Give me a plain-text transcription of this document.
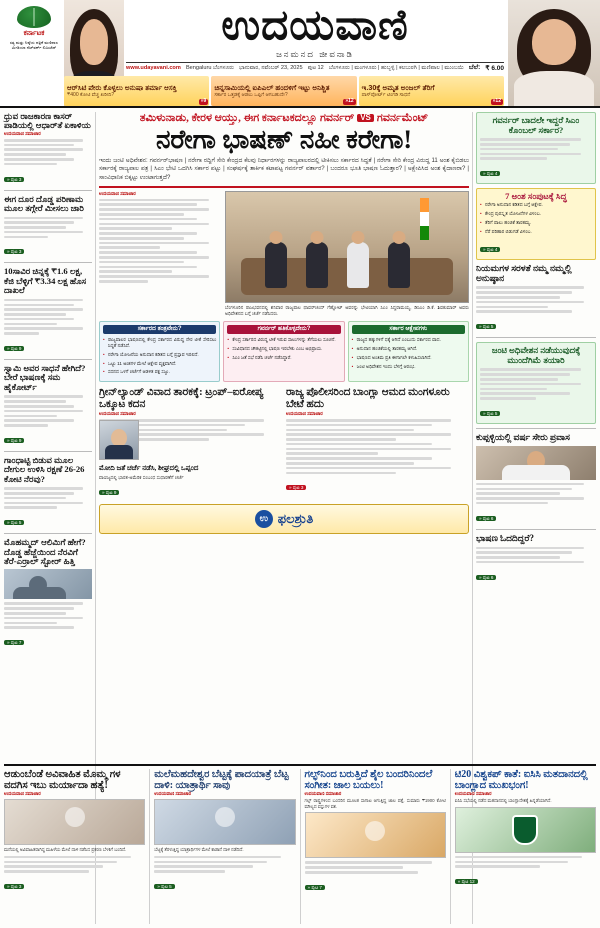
ಕರ್ನಾಟಕ
ಸತ್ಯ ಮತ್ತು ನಿಷ್ಠೆಯ ಪತ್ರಿಕೆ ಮಣಿಪಾಲ ಮೀಡಿಯಾ ನೆಟ್‌ವರ್ಕ್ ಲಿಮಿಟೆಡ್	ಉದಯವಾಣಿ
ಜನಮನದ ಜೀವನಾಡಿ
www.udayavani.com Bengaluru ಬೆಂಗಳೂರು ಭಾನುವಾರ, ನವೆಂಬರ್ 23, 2025 ಪುಟ 12 ಬೆಂಗಳೂರು | ಮಂಗಳೂರು | ಹುಬ್ಬಳ್ಳಿ | ಕಲಬುರಗಿ | ಮಣಿಪಾಲ | ಮುಂಬಯಿ ಬೆಲೆ: ₹ 6.00
ಆರ್‌ಸಿಟಿ ಪೇರು ಕೊಳ್ಳಲು ಅನುಷಾ ತರ್ಮಾ ಆಸಕ್ತಿ
₹400 ಕೋಟಿ ವೆಚ್ಚ ಖರೀದಿ?
»9
ಚಿನ್ನಸಾಮಿಯಲ್ಲಿ ಐಪಿಎಲ್ ಹಂದಳಿಗೆ ಇಟ್ಟು ಅನಿಶ್ಚಿತ
ಸರ್ಕಾರ ಒತ್ತಡಕ್ಕೆ ಆಡಲು ಒಪ್ಪಿಗೆ ಆಗಬಹುದೇ?
»12
ಇ.30ಕ್ಕೆ ಅಮೃತ ಅಂಜಲ್ ತೆರಿಗೆ
ಪಾಸ್‌ಪೋರ್ಟ್ ಟಿಂಗಡಿ ಸಾಧನೆ
»12
ಧ್ರುವ ರಾಜಕಾರಣ ಕಾಸರ್ ಪಾಡಿಯಲ್ಲಿ ಆಧಾರ್‌ತೆ ಏಕಾಳಿಯ
ಉದಯವಾಣಿ ಸಮಾಚಾರ
» ಪುಟ 3
ಈಗ ದೂರ ದೊಡ್ಡ ಪರಿಣಾಮ ಮೂಲ ತಗ್ಗೇರೆ ಮೀಸಲು ಜಾರಿ
» ಪುಟ 3
10ಸಾವಿರ ಚಿನ್ನಕ್ಕೆ ₹1.6 ಲಕ್ಷ, ಕೆಜಿ ಬೆಳ್ಳಿಗೆ ₹3.34 ಲಕ್ಷ ಹೊಸ ದಾಖಲೆ
» ಪುಟ 9
ಸ್ವಾಮಿ ಅವರ ಸಾಧನೆ ಹೇಗಿದೆ? ಬೇರೆ ಭಾಷಣಕ್ಕೆ ಸಮ ಹೈಕೋರ್ಟ್
» ಪುಟ 9
ಗಾಂಧಾಟ್ಟಿ ಬಿಡುವ ಮೂಲ ದೇಗುಲ ಉಳಿಸಿ ರಕ್ಷಣೆ 26-26 ಕೋಟಿ ನೆರವು?
» ಪುಟ 5
ಮೊಹಮ್ಮದ್ ಆಲಿಮಿಗೆ ಹೇಗೆ? ದೊಡ್ಡ ಹೆಜ್ಜೆಯಿಂದ ನೆರವಿಗೆ ತೆರೆ-ಎರ್ರಾಲ್ ಸ್ಟೋರ್ ಹಿತ್ತಿ
» ಪುಟ 7
ತಮಿಳುನಾಡು, ಕೇರಳ ಆಯ್ತು, ಈಗ ಕರ್ನಾಟಕದಲ್ಲೂ ಗವರ್ನರ್ VS ಗವರ್ನಮೆಂಟ್
ನರೇಗಾ ಭಾಷಣ್ ನಹೀ ಕರೇಗಾ!
ಇಂದು ಜಂಟಿ ಅಧಿವೇಶನ: ಗವರ್ನರ್‌ಭಾಷಣ | ನರೇಗಾ ರದ್ದಿಗೆ ಸೇರಿ ಕೇಂದ್ರದ ಕೆಲವು ನಿರ್ಧಾರಗಳನ್ನು ರಾಜ್ಯಪಾಲರದಲ್ಲಿ ಟೀಕಿಸಲು ಸರ್ಕಾರದ ಸಿದ್ಧತೆ | ನರೇಗಾ ಸೇರಿ ಕೇಂದ್ರ ವಿರುದ್ಧ 11 ಅಂಶ ಕೈಬಿಡಲು ಸರ್ಕಾರಕ್ಕೆ ರಾಜ್ಯಪಾಲ ಪತ್ರ | ಸಿಎಂ ಭೇಟಿ ಒದಗಿಸಿ ಸರ್ಕಾರ ಪಟ್ಟು | ಸಂಘರ್ಷಕ್ಕೆ ತಾರ್ಕಿಕ ಕಟಾಪಟ್ಟ ಗವರ್ನರ್ ವರ್ತಾರ? | ಬಂದರೂ ಭೂತಿ ಭಾಷಣ ಓದುತ್ತಾರ? | ಅಕ್ಷೇಪಿಸಿದ ಅಂಶ ಕೈದಾಣರಾ? | ಸಾಂವಿಧಾನಿಕ ಬಿಕ್ಕಟ್ಟು ಉಂಟಾಗುತ್ತದೆ?
ಉದಯವಾಣಿ ಸಮಾಚಾರ
ಬೆಂಗಳೂರಿನ ರಾಜಭವನದಲ್ಲಿ ಶನಿವಾರ ರಾಜ್ಯಪಾಲ ಥಾವರ್‌ಚಂದ್ ಗೆಹ್ಲೋಟ್ ಅವರನ್ನು ಭೇಟಿಯಾಗಿ ಸಿಎಂ ಸಿದ್ದರಾಮಯ್ಯ, ಡಿಸಿಎಂ ಡಿ.ಕೆ. ಶಿವಕುಮಾರ್ ಅವರು ಅಧಿವೇಶನದ ಬಗ್ಗೆ ಚರ್ಚೆ ನಡೆಸಿದರು.
ಸರ್ಕಾರದ ತಂತ್ರವೇನು?
• ರಾಜ್ಯಪಾಲರ ಭಾಷಣದಲ್ಲಿ ಕೇಂದ್ರ ಸರ್ಕಾರದ ವಿರುದ್ಧ ನೇರ ಟೀಕೆ ಸೇರಿಸಲು ಸಿದ್ಧತೆ ನಡೆಸಿದೆ.
• ನರೇಗಾ ಯೋಜನೆಯ ಅನುದಾನ ಕಡಿತದ ಬಗ್ಗೆ ಪ್ರಸ್ತಾಪ ಇರಲಿದೆ.
• ಒಟ್ಟು 11 ಅಂಶಗಳ ಮೇಲೆ ಆಕ್ಷೇಪ ವ್ಯಕ್ತವಾಗಿದೆ.
• ಸದನದ ಒಳಗೆ ಚರ್ಚೆಗೆ ಆಡಳಿತ ಪಕ್ಷ ಸಜ್ಜು.
ಗವರ್ನರ್ ಹತಿಕೊಳ್ಳದೇನು?
• ಕೇಂದ್ರ ಸರ್ಕಾರದ ವಿರುದ್ಧ ಟೀಕೆ ಇರುವ ಸಾಲುಗಳನ್ನು ತೆಗೆಯಲು ಸೂಚನೆ.
• ಸಂವಿಧಾನದ ಚೌಕಟ್ಟಿನಲ್ಲಿ ಭಾಷಣ ಇರಬೇಕು ಎಂಬ ಅಭಿಪ್ರಾಯ.
• ಸಿಎಂ ಜತೆ ಸಭೆ ನಡೆಸಿ ಚರ್ಚೆ ನಡೆಸಿದ್ದಾರೆ.
ಸರ್ಕಾರ ಆಕ್ಷೇಪಗಳು
• ರಾಜ್ಯದ ಹಕ್ಕುಗಳಿಗೆ ಧಕ್ಕೆ ಆಗಿದೆ ಎಂಬುದು ಸರ್ಕಾರದ ವಾದ.
• ಅನುದಾನ ಹಂಚಿಕೆಯಲ್ಲಿ ತಾರತಮ್ಯ ಆಗಿದೆ.
• ಭಾಷಣದ ಅಂತಿಮ ಪ್ರತಿ ಈಗಾಗಲೇ ಕಳುಹಿಸಲಾಗಿದೆ.
• ಜಂಟಿ ಅಧಿವೇಶನ ಇಂದು ಬೆಳಗ್ಗೆ ಆರಂಭ.
ಗ್ರೀನ್‌ಲ್ಯಾಂಡ್ ವಿವಾದ ತಾರಕಕ್ಕೆ: ಟ್ರಂಪ್–ಐರೋಪ್ಯ ಒಕ್ಕೂಟ ಕದನ
ಉದಯವಾಣಿ ಸಮಾಚಾರ
ಮೋದಿ ಜತೆ ಚರ್ಚೆ ನಡೆಸಿ, ಶೀಘ್ರದಲ್ಲಿ ಒಪ್ಪಂದ
ವಾಣಿಜ್ಯದಲ್ಲಿ ಭಾರತ-ಅಮೆರಿಕ ಸಂಬಂಧ ಸುಧಾರಣೆಗೆ ಚರ್ಚೆ
» ಪುಟ 9
ರಾಜ್ಯ ಪೊಲೀಸರಿಂದ ಬಾಂಗ್ಲಾ ಆಮದ ಮಂಗಳೂರು ಬೇಟೆ ಹದು
ಉದಯವಾಣಿ ಸಮಾಚಾರ
» ಪುಟ 3
ಉ ಫಲಶ್ರುತಿ
ಗವರ್ನರ್ ಬಾದಲೇ ಇದ್ದರೆ ಸಿಎಂ ಕೊಂಬಲ್ ಸರ್ಕಾರ?
» ಪುಟ 4
7 ಅಂಶ ಸಂಪುಟಕ್ಕೆ ಸಿದ್ಧ
• ನರೇಗಾ ಅನುದಾನ ಕಡಿತದ ಬಗ್ಗೆ ಆಕ್ಷೇಪ.
• ಕೇಂದ್ರ ಪುರಸ್ಕೃತ ಯೋಜನೆಗಳ ವಿಳಂಬ.
• ತೆರಿಗೆ ಪಾಲು ಹಂಚಿಕೆ ತಾರತಮ್ಯ.
• ನೆರೆ ಪರಿಹಾರ ಬಿಡುಗಡೆ ವಿಳಂಬ.
» ಪುಟ 4
ನಿಯಮಗಳ ಸರಳತೆ ನಮ್ಮ ನಮ್ಮಲ್ಲಿ ಅನುಷ್ಠಾನ
» ಪುಟ 5
ಜಂಟಿ ಅಧಿವೇಶನ ನಡೆಯುವುದಕ್ಕೆ ಮುಂದೆಗಿಮೆ ತಯಾರಿ
» ಪುಟ 5
ಕುಪ್ಪಳ್ಳಿಯಲ್ಲಿ ವರ್ಷ ಸೇರು ಪ್ರವಾಸ
» ಪುಟ 6
ಭಾಷಣ ಓದದಿದ್ದರೆ?
» ಪುಟ 6
ಆಡುಂಬೆಂಡೆ ಅವಿವಾಹಿತ ಮೊಮ್ಮ ಗಳ ವದಗಿಸ ಇಬು ಮರ್ಯಾದಾ ಹತ್ಯೆ!
ಉದಯವಾಣಿ ಸಮಾಚಾರ
ಮನೆಯಲ್ಲಿ ಅವಿವಾಹಿತರಾಗಿದ್ದ ಮಹಿಳೆಯ ಮೇಲೆ ದಾಳಿ ನಡೆಸಿದ ಪ್ರಕರಣ ಬೆಳಕಿಗೆ ಬಂದಿದೆ.
» ಪುಟ 3
ಮಲೆಮಹದೇಶ್ವರ ಬೆಟ್ಟಕ್ಕೆ ಪಾದಯಾತ್ರೆ ಬೆಟ್ಟ ದಾಳಿ: ಯಾತ್ರಾರ್ಥಿ ಸಾವು
ಉದಯವಾಣಿ ಸಮಾಚಾರ
ಬೆಟ್ಟಕ್ಕೆ ತೆರಳುತ್ತಿದ್ದ ಯಾತ್ರಾರ್ಥಿಗಳ ಮೇಲೆ ಕಾಡಾನೆ ದಾಳಿ ನಡೆದಿದೆ.
» ಪುಟ 5
ಗಲ್ಫ್‌ನಿಂದ ಬರುತ್ತಿದೆ ಶೈಲ ಬಂದರಿನಿಂದಲೆ ಸಂಗೀತ: ಜಾಲ ಬಯಲು!
ಉದಯವಾಣಿ ಸಮಾಚಾರ
ಗಲ್ಫ್ ರಾಷ್ಟ್ರಗಳಿಂದ ಬಂದರಿನ ಮೂಲಕ ಸಾಗಾಟ ಆಗುತ್ತಿದ್ದ ಜಾಲ ಪತ್ತೆ. ಸುಮಾರು ₹1900 ಕೋಟಿ ಮೌಲ್ಯದ ವಸ್ತುಗಳ ವಶ.
» ಪುಟ 7
ಟಿ20 ವಿಶ್ವಕಪ್ ಕಾತೆ: ಐಸಿಸಿ ಮತದಾನದಲ್ಲಿ ಬಾಂಗ್ಲಾದ ಮುಖಭಂಗ!
ಉದಯವಾಣಿ ಸಮಾಚಾರ
ಐಸಿಸಿ ಸಭೆಯಲ್ಲಿ ನಡೆದ ಮತದಾನದಲ್ಲಿ ಬಾಂಗ್ಲಾದೇಶಕ್ಕೆ ಹಿನ್ನಡೆಯಾಗಿದೆ.
» ಪುಟ 12
